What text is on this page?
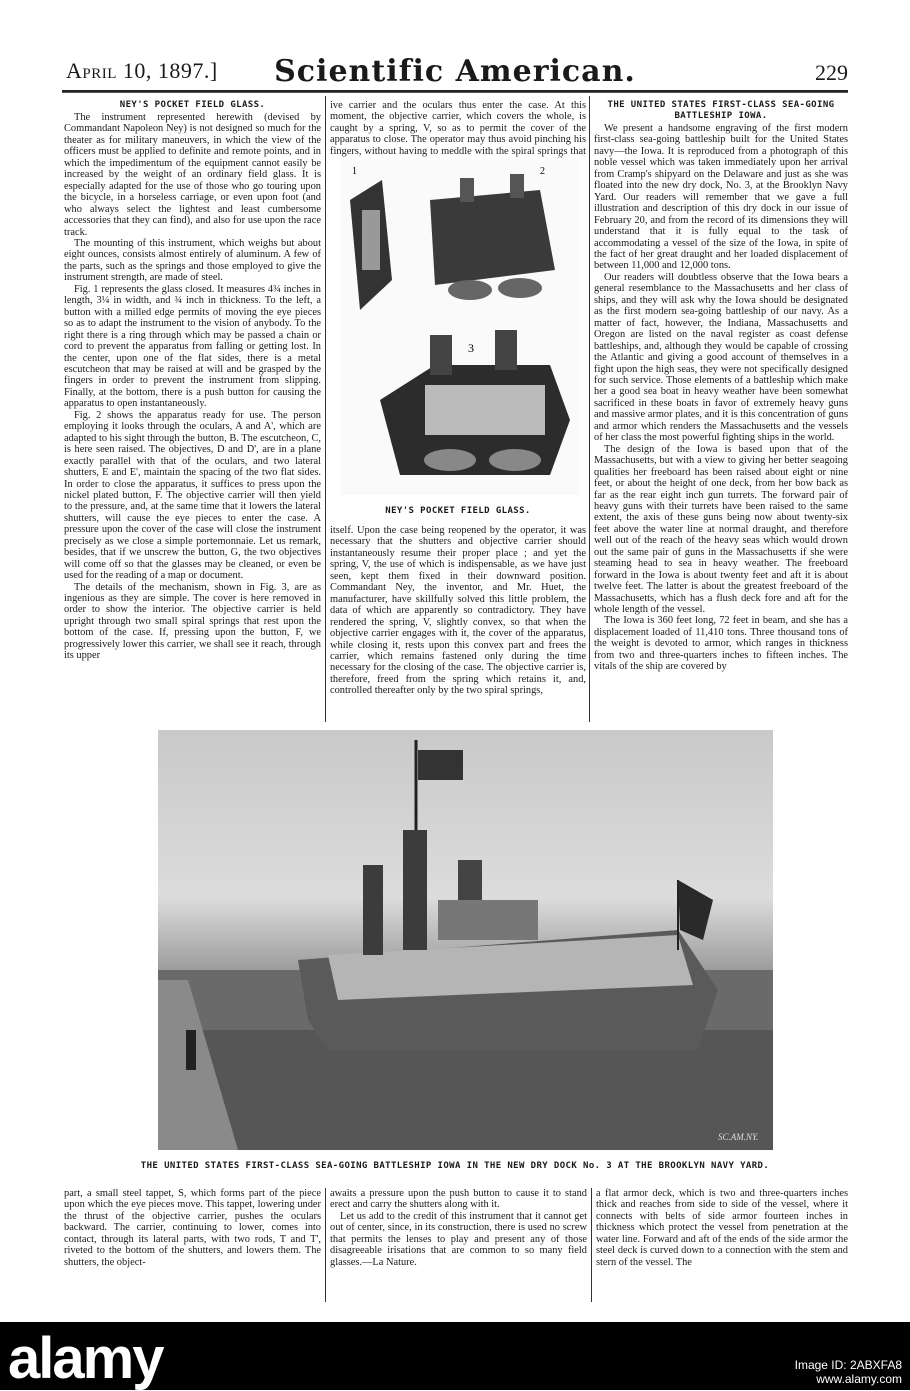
April 10, 1897.]	Scientific American.	229
NEY'S POCKET FIELD GLASS.

The instrument represented herewith (devised by Commandant Napoleon Ney) is not designed so much for the theater as for military maneuvers, in which the view of the officers must be applied to definite and remote points, and in which the impedimentum of the equipment cannot easily be increased by the weight of an ordinary field glass. It is especially adapted for the use of those who go touring upon the bicycle, in a horseless carriage, or even upon foot (and who always select the lightest and least cumbersome accessories that they can find), and also for use upon the race track.

The mounting of this instrument, which weighs but about eight ounces, consists almost entirely of aluminum. A few of the parts, such as the springs and those employed to give the instrument strength, are made of steel.

Fig. 1 represents the glass closed. It measures 4¾ inches in length, 3¼ in width, and ¾ inch in thickness. To the left, a button with a milled edge permits of moving the eye pieces so as to adapt the instrument to the vision of anybody. To the right there is a ring through which may be passed a chain or cord to prevent the apparatus from falling or getting lost. In the center, upon one of the flat sides, there is a metal escutcheon that may be raised at will and be grasped by the fingers in order to prevent the instrument from slipping. Finally, at the bottom, there is a push button for causing the apparatus to open instantaneously.

Fig. 2 shows the apparatus ready for use. The person employing it looks through the oculars, A and A', which are adapted to his sight through the button, B. The escutcheon, C, is here seen raised. The objectives, D and D', are in a plane exactly parallel with that of the oculars, and two lateral shutters, E and E', maintain the spacing of the two flat sides. In order to close the apparatus, it suffices to press upon the nickel plated button, F. The objective carrier will then yield to the pressure, and, at the same time that it lowers the lateral shutters, will cause the eye pieces to enter the case. A pressure upon the cover of the case will close the instrument precisely as we close a simple portemonnaie. Let us remark, besides, that if we unscrew the button, G, the two objectives will come off so that the glasses may be cleaned, or even be used for the reading of a map or document.

The details of the mechanism, shown in Fig. 3, are as ingenious as they are simple. The cover is here removed in order to show the interior. The objective carrier is held upright through two small spiral springs that rest upon the bottom of the case. If, pressing upon the button, F, we progressively lower this carrier, we shall see it reach, through its upper

ive carrier and the oculars thus enter the case. At this moment, the objective carrier, which covers the whole, is caught by a spring, V, so as to permit the cover of the apparatus to close. The operator may thus avoid pinching his fingers, without having to meddle with the spiral springs that

1	2
3
POYET
NEY'S POCKET FIELD GLASS.

itself. Upon the case being reopened by the operator, it was necessary that the shutters and objective carrier should instantaneously resume their proper place ; and yet the spring, V, the use of which is indispensable, as we have just seen, kept them fixed in their downward position. Commandant Ney, the inventor, and Mr. Huet, the manufacturer, have skillfully solved this little problem, the data of which are apparently so contradictory. They have rendered the spring, V, slightly convex, so that when the objective carrier engages with it, the cover of the apparatus, while closing it, rests upon this convex part and frees the carrier, which remains fastened only during the time necessary for the closing of the case. The objective carrier is, therefore, freed from the spring which retains it, and, controlled thereafter only by the two spiral springs,

THE UNITED STATES FIRST-CLASS SEA-GOING BATTLESHIP IOWA.

We present a handsome engraving of the first modern first-class sea-going battleship built for the United States navy—the Iowa. It is reproduced from a photograph of this noble vessel which was taken immediately upon her arrival from Cramp's shipyard on the Delaware and just as she was floated into the new dry dock, No. 3, at the Brooklyn Navy Yard. Our readers will remember that we gave a full illustration and description of this dry dock in our issue of February 20, and from the record of its dimensions they will understand that it is fully equal to the task of accommodating a vessel of the size of the Iowa, in spite of the fact of her great draught and her loaded displacement of between 11,000 and 12,000 tons.

Our readers will doubtless observe that the Iowa bears a general resemblance to the Massachusetts and her class of ships, and they will ask why the Iowa should be designated as the first modern sea-going battleship of our navy. As a matter of fact, however, the Indiana, Massachusetts and Oregon are listed on the naval register as coast defense battleships, and, although they would be capable of crossing the Atlantic and giving a good account of themselves in a fight upon the high seas, they were not specifically designed for such service. Those elements of a battleship which make her a good sea boat in heavy weather have been somewhat sacrificed in these boats in favor of extremely heavy guns and massive armor plates, and it is this concentration of guns and armor which renders the Massachusetts and the vessels of her class the most powerful fighting ships in the world.

The design of the Iowa is based upon that of the Massachusetts, but with a view to giving her better seagoing qualities her freeboard has been raised about eight or nine feet, or about the height of one deck, from her bow back as far as the rear eight inch gun turrets. The forward pair of heavy guns with their turrets have been raised to the same extent, the axis of these guns being now about twenty-six feet above the water line at normal draught, and therefore well out of the reach of the heavy seas which would drown out the same pair of guns in the Massachusetts if she were steaming head to sea in heavy weather. The freeboard forward in the Iowa is about twenty feet and aft it is about twelve feet. The latter is about the greatest freeboard of the Massachusetts, which has a flush deck fore and aft for the whole length of the vessel.

The Iowa is 360 feet long, 72 feet in beam, and she has a displacement loaded of 11,410 tons. Three thousand tons of the weight is devoted to armor, which ranges in thickness from two and three-quarters inches to fifteen inches. The vitals of the ship are covered by

SC.AM.NY.
THE UNITED STATES FIRST-CLASS SEA-GOING BATTLESHIP IOWA IN THE NEW DRY DOCK No. 3 AT THE BROOKLYN NAVY YARD.

part, a small steel tappet, S, which forms part of the piece upon which the eye pieces move. This tappet, lowering under the thrust of the objective carrier, pushes the oculars backward. The carrier, continuing to lower, comes into contact, through its lateral parts, with two rods, T and T', riveted to the bottom of the shutters, and lowers them. The shutters, the object-

awaits a pressure upon the push button to cause it to stand erect and carry the shutters along with it.

Let us add to the credit of this instrument that it cannot get out of center, since, in its construction, there is used no screw that permits the lenses to play and present any of those disagreeable irisations that are common to so many field glasses.—La Nature.

a flat armor deck, which is two and three-quarters inches thick and reaches from side to side of the vessel, where it connects with belts of side armor fourteen inches in thickness which protect the vessel from penetration at the water line. Forward and aft of the ends of the side armor the steel deck is curved down to a connection with the stem and stern of the vessel. The

alamy	Image ID: 2ABXFA8
www.alamy.com
